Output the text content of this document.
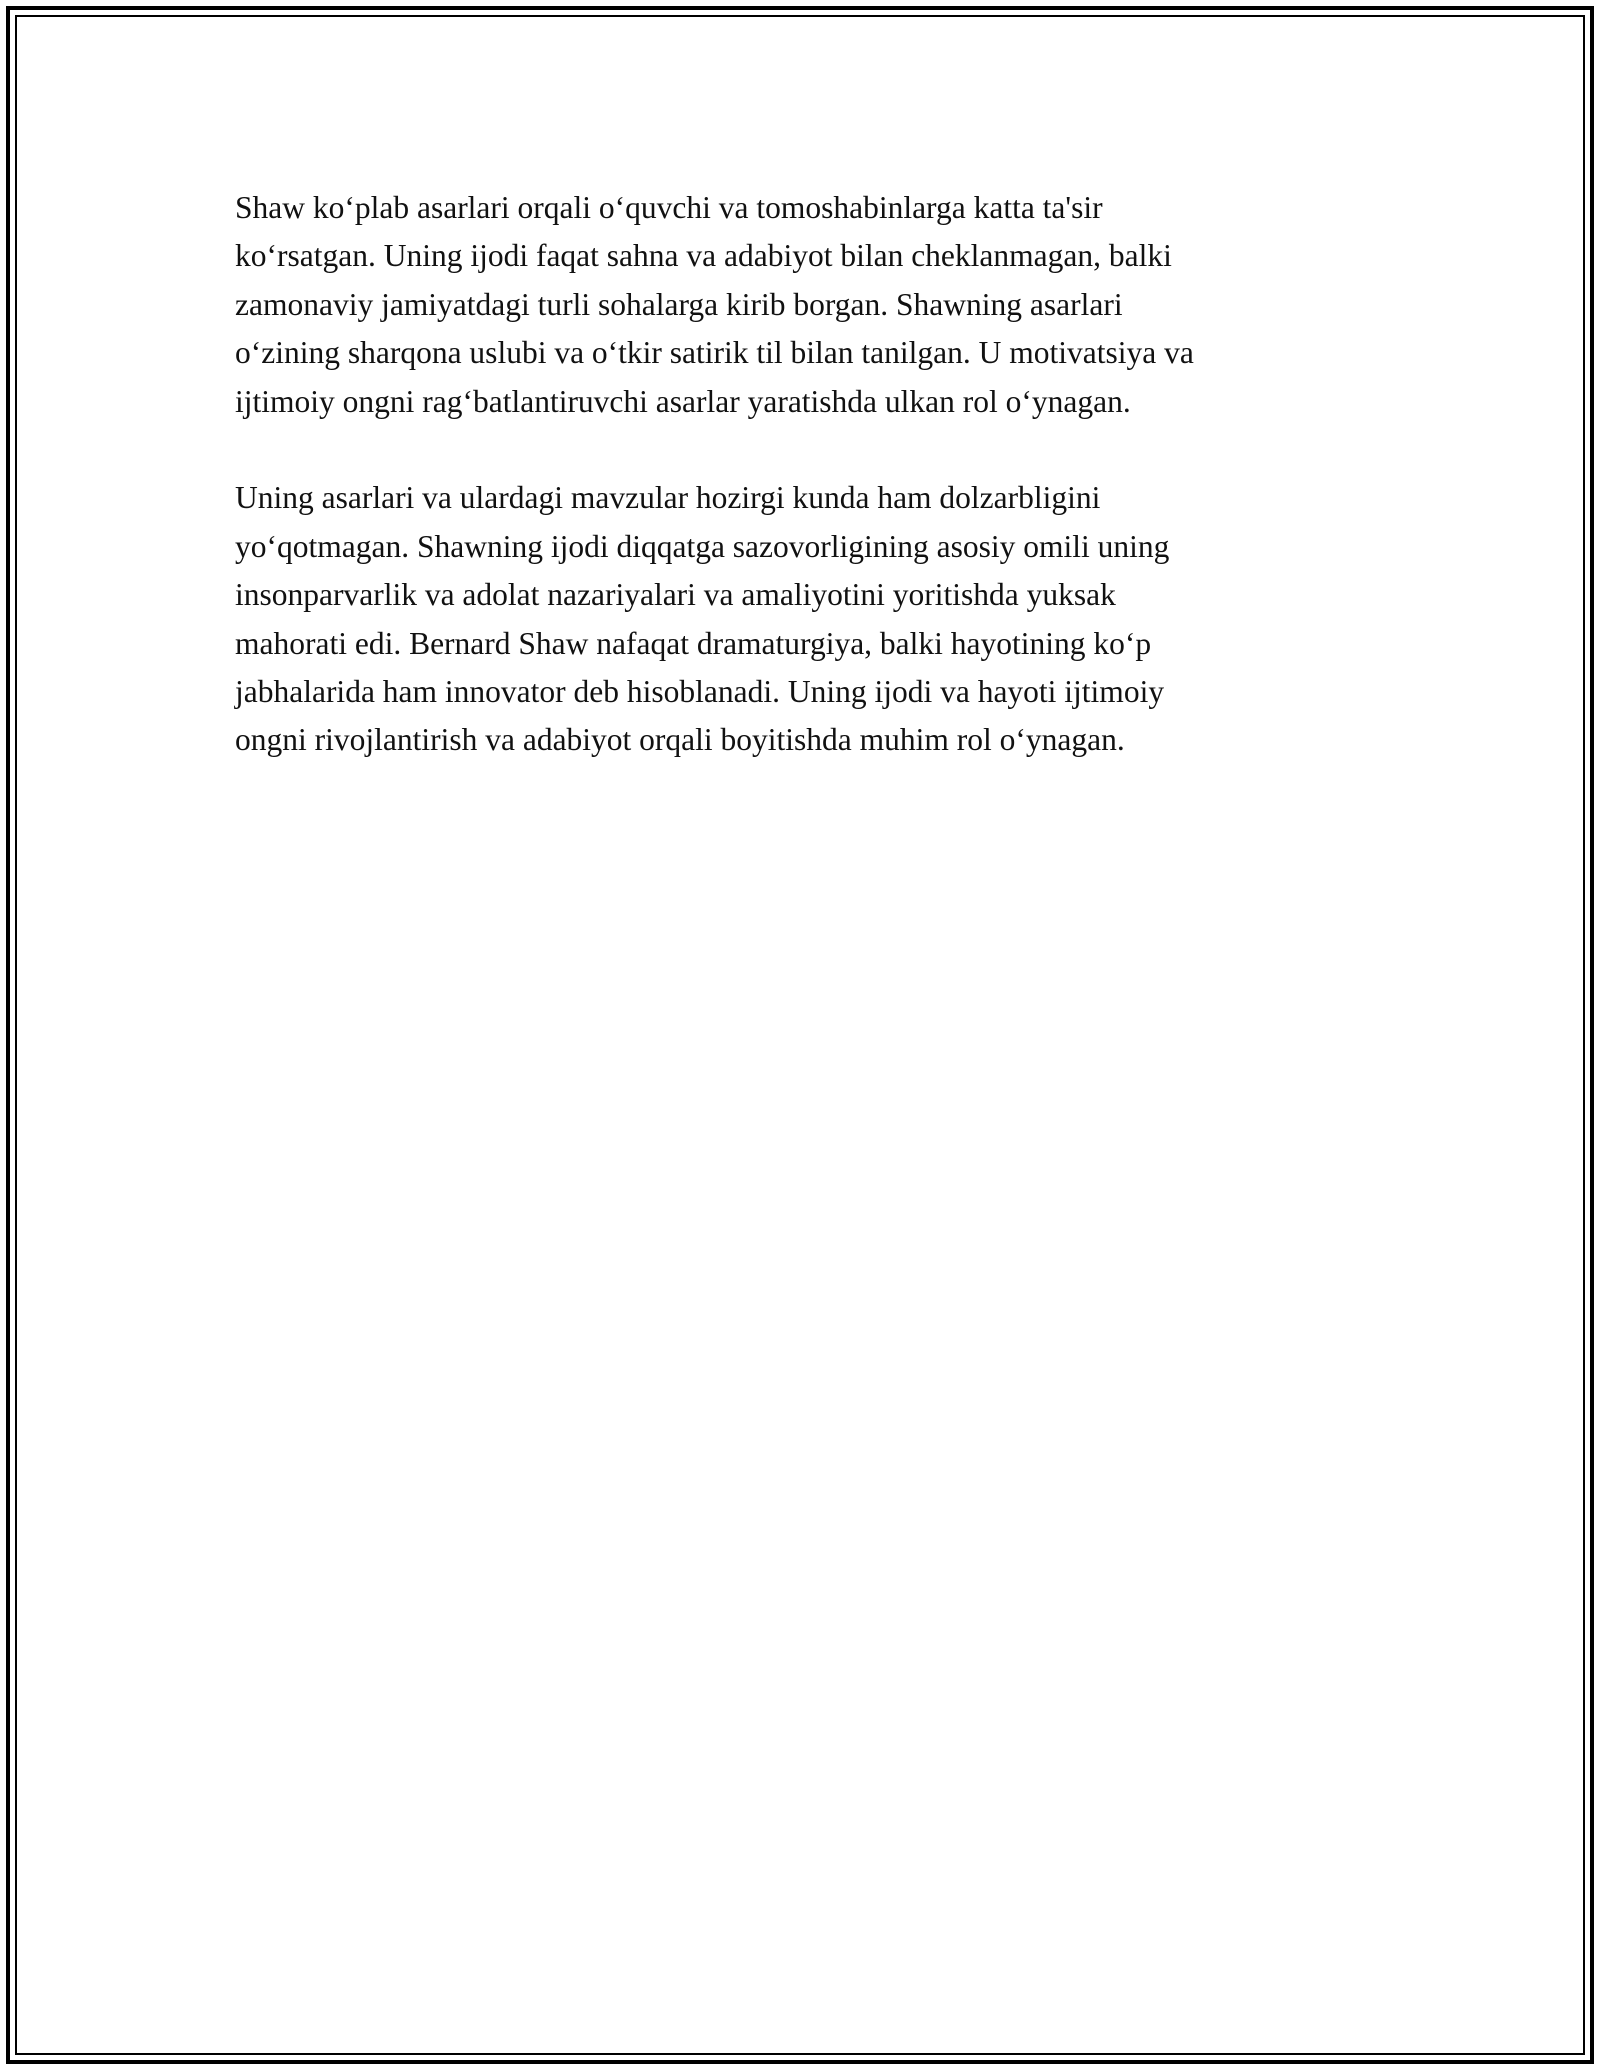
Shaw ko‘plab asarlari orqali o‘quvchi va tomoshabinlarga katta ta'sir
ko‘rsatgan. Uning ijodi faqat sahna va adabiyot bilan cheklanmagan, balki
zamonaviy jamiyatdagi turli sohalarga kirib borgan. Shawning asarlari
o‘zining sharqona uslubi va o‘tkir satirik til bilan tanilgan. U motivatsiya va
ijtimoiy ongni rag‘batlantiruvchi asarlar yaratishda ulkan rol o‘ynagan.

Uning asarlari va ulardagi mavzular hozirgi kunda ham dolzarbligini
yo‘qotmagan. Shawning ijodi diqqatga sazovorligining asosiy omili uning
insonparvarlik va adolat nazariyalari va amaliyotini yoritishda yuksak
mahorati edi. Bernard Shaw nafaqat dramaturgiya, balki hayotining ko‘p
jabhalarida ham innovator deb hisoblanadi. Uning ijodi va hayoti ijtimoiy
ongni rivojlantirish va adabiyot orqali boyitishda muhim rol o‘ynagan.
